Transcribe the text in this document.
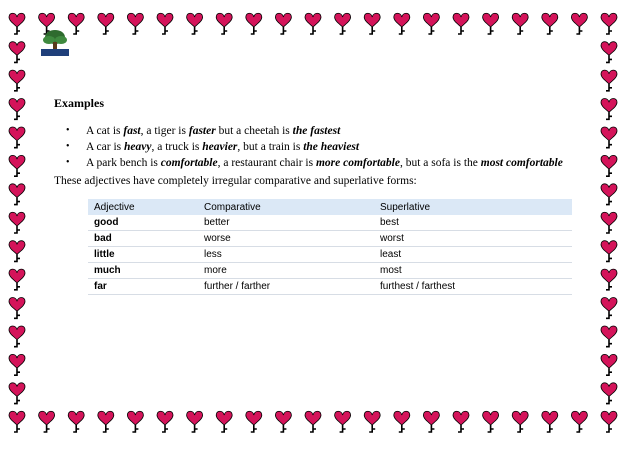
Examples
• A cat is fast, a tiger is faster but a cheetah is the fastest
• A car is heavy, a truck is heavier, but a train is the heaviest
• A park bench is comfortable, a restaurant chair is more comfortable, but a sofa is the most comfortable
These adjectives have completely irregular comparative and superlative forms:
Adjective	Comparative	Superlative
good	better	best
bad	worse	worst
little	less	least
much	more	most
far	further / farther	furthest / farthest
